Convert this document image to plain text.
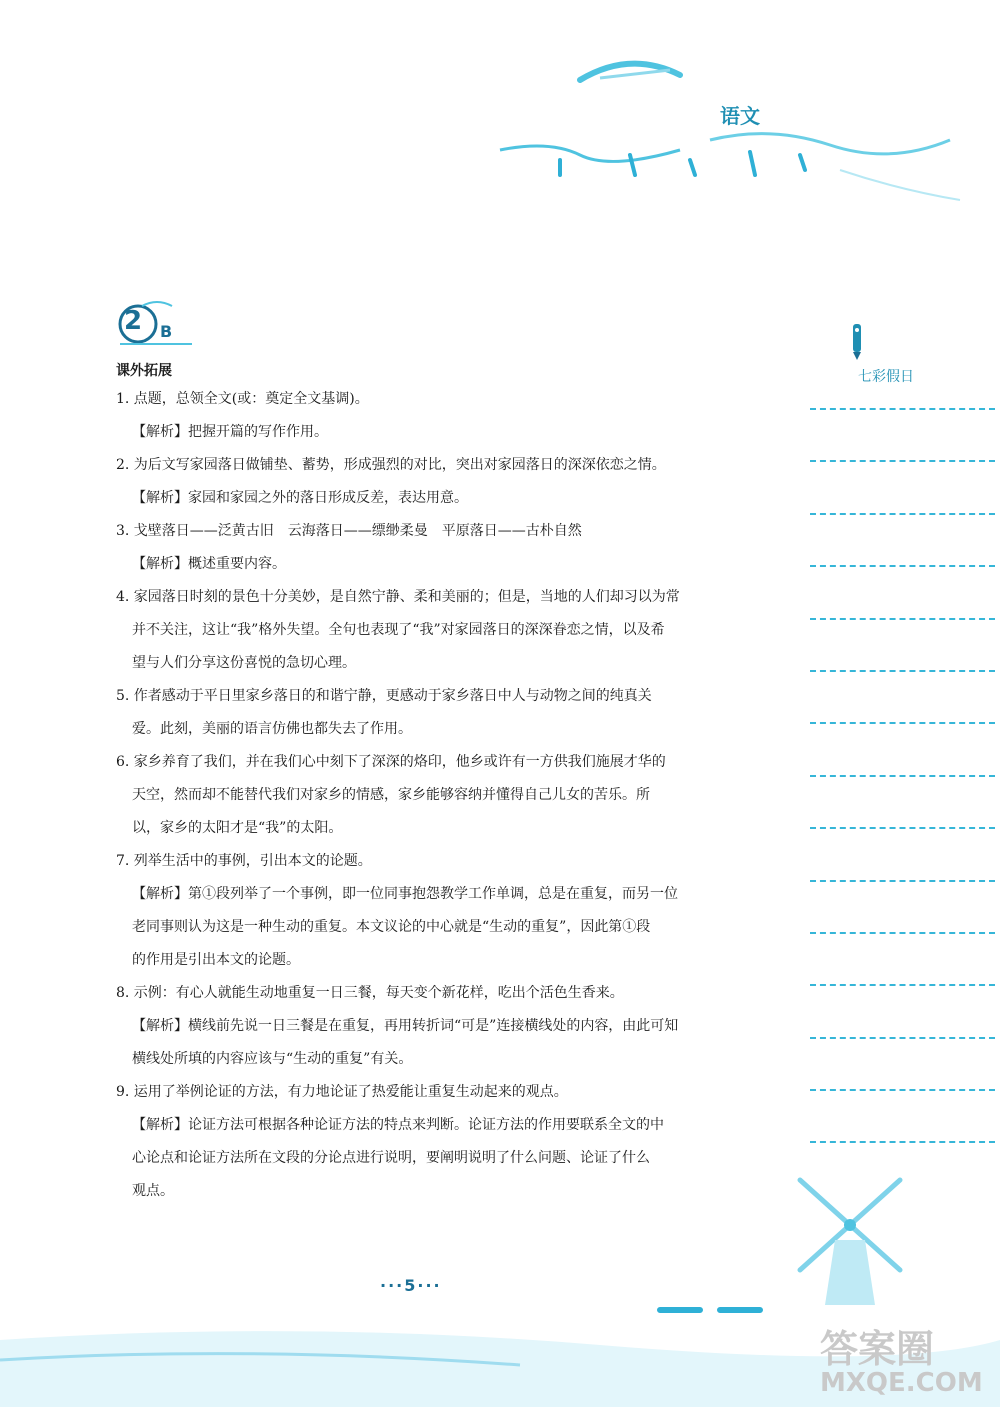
语文
2 B
课外拓展

1. 点题，总领全文(或：奠定全文基调)。

【解析】把握开篇的写作作用。

2. 为后文写家园落日做铺垫、蓄势，形成强烈的对比，突出对家园落日的深深依恋之情。

【解析】家园和家园之外的落日形成反差，表达用意。

3. 戈壁落日——泛黄古旧　云海落日——缥缈柔曼　平原落日——古朴自然

【解析】概述重要内容。

4. 家园落日时刻的景色十分美妙，是自然宁静、柔和美丽的；但是，当地的人们却习以为常

并不关注，这让“我”格外失望。全句也表现了“我”对家园落日的深深眷恋之情，以及希

望与人们分享这份喜悦的急切心理。

5. 作者感动于平日里家乡落日的和谐宁静，更感动于家乡落日中人与动物之间的纯真关

爱。此刻，美丽的语言仿佛也都失去了作用。

6. 家乡养育了我们，并在我们心中刻下了深深的烙印，他乡或许有一方供我们施展才华的

天空，然而却不能替代我们对家乡的情感，家乡能够容纳并懂得自己儿女的苦乐。所

以，家乡的太阳才是“我”的太阳。

7. 列举生活中的事例，引出本文的论题。

【解析】第①段列举了一个事例，即一位同事抱怨教学工作单调，总是在重复，而另一位

老同事则认为这是一种生动的重复。本文议论的中心就是“生动的重复”，因此第①段

的作用是引出本文的论题。

8. 示例：有心人就能生动地重复一日三餐，每天变个新花样，吃出个活色生香来。

【解析】横线前先说一日三餐是在重复，再用转折词“可是”连接横线处的内容，由此可知

横线处所填的内容应该与“生动的重复”有关。

9. 运用了举例论证的方法，有力地论证了热爱能让重复生动起来的观点。

【解析】论证方法可根据各种论证方法的特点来判断。论证方法的作用要联系全文的中

心论点和论证方法所在文段的分论点进行说明，要阐明说明了什么问题、论证了什么

观点。

七彩假日
···5···
答案圈
MXQE.COM
